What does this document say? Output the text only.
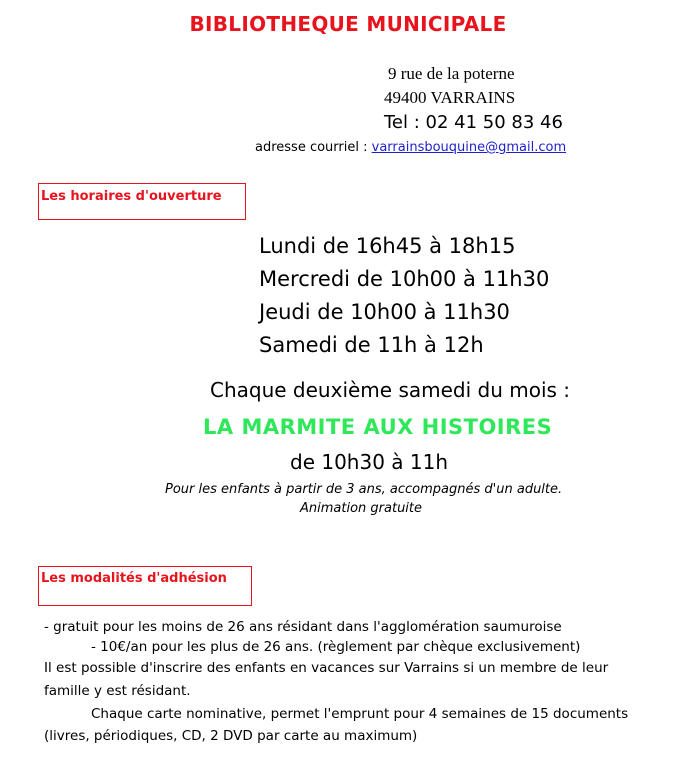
BIBLIOTHEQUE MUNICIPALE
9 rue de la poterne
49400 VARRAINS
Tel : 02 41 50 83 46
adresse courriel : varrainsbouquine@gmail.com
Les horaires d'ouverture
Lundi de 16h45 à 18h15
Mercredi de 10h00 à 11h30
Jeudi de 10h00 à 11h30
Samedi de 11h à 12h
Chaque deuxième samedi du mois :
LA MARMITE AUX HISTOIRES
de 10h30 à 11h
Pour les enfants à partir de 3 ans, accompagnés d'un adulte.
Animation gratuite
Les modalités d'adhésion
- gratuit pour les moins de 26 ans résidant dans l'agglomération saumuroise
- 10€/an pour les plus de 26 ans. (règlement par chèque exclusivement)
Il est possible d'inscrire des enfants en vacances sur Varrains si un membre de leur
famille y est résidant.
Chaque carte nominative, permet l'emprunt pour 4 semaines de 15 documents
(livres, périodiques, CD, 2 DVD par carte au maximum)
